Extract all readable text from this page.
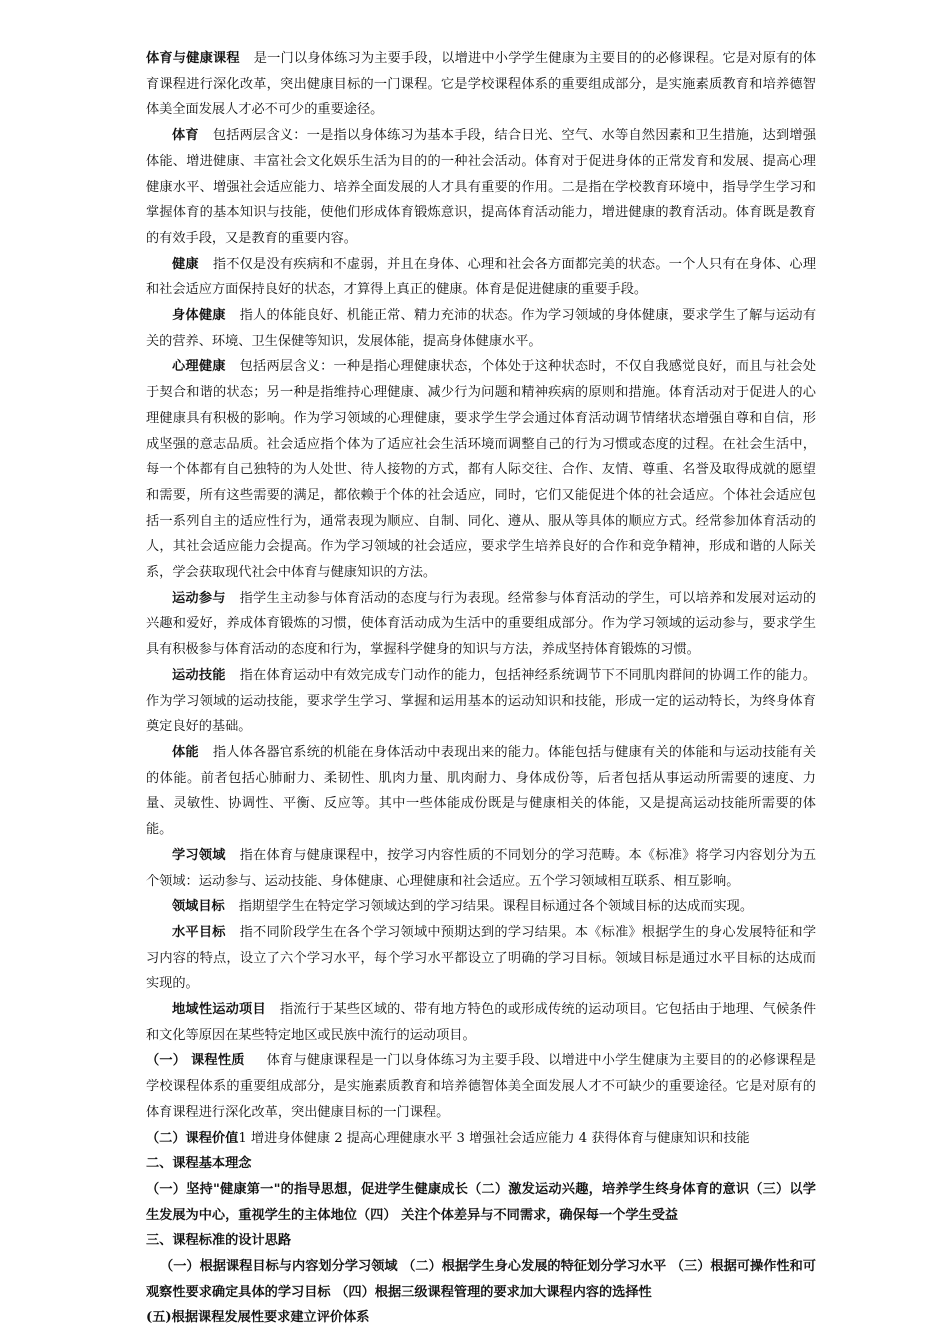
体育与健康课程 是一门以身体练习为主要手段，以增进中小学学生健康为主要目的的必修课程。它是对原有的体育课程进行深化改革，突出健康目标的一门课程。它是学校课程体系的重要组成部分，是实施素质教育和培养德智体美全面发展人才必不可少的重要途径。

体育 包括两层含义：一是指以身体练习为基本手段，结合日光、空气、水等自然因素和卫生措施，达到增强体能、增进健康、丰富社会文化娱乐生活为目的的一种社会活动。体育对于促进身体的正常发育和发展、提高心理健康水平、增强社会适应能力、培养全面发展的人才具有重要的作用。二是指在学校教育环境中，指导学生学习和掌握体育的基本知识与技能，使他们形成体育锻炼意识，提高体育活动能力，增进健康的教育活动。体育既是教育的有效手段，又是教育的重要内容。

健康 指不仅是没有疾病和不虚弱，并且在身体、心理和社会各方面都完美的状态。一个人只有在身体、心理和社会适应方面保持良好的状态，才算得上真正的健康。体育是促进健康的重要手段。

身体健康 指人的体能良好、机能正常、精力充沛的状态。作为学习领域的身体健康，要求学生了解与运动有关的营养、环境、卫生保健等知识，发展体能，提高身体健康水平。

心理健康 包括两层含义：一种是指心理健康状态，个体处于这种状态时，不仅自我感觉良好，而且与社会处于契合和谐的状态；另一种是指维持心理健康、减少行为问题和精神疾病的原则和措施。体育活动对于促进人的心理健康具有积极的影响。作为学习领域的心理健康，要求学生学会通过体育活动调节情绪状态增强自尊和自信，形成坚强的意志品质。社会适应指个体为了适应社会生活环境而调整自己的行为习惯或态度的过程。在社会生活中，每一个体都有自己独特的为人处世、待人接物的方式，都有人际交往、合作、友情、尊重、名誉及取得成就的愿望和需要，所有这些需要的满足，都依赖于个体的社会适应，同时，它们又能促进个体的社会适应。个体社会适应包括一系列自主的适应性行为，通常表现为顺应、自制、同化、遵从、服从等具体的顺应方式。经常参加体育活动的人，其社会适应能力会提高。作为学习领域的社会适应，要求学生培养良好的合作和竞争精神，形成和谐的人际关系，学会获取现代社会中体育与健康知识的方法。

运动参与 指学生主动参与体育活动的态度与行为表现。经常参与体育活动的学生，可以培养和发展对运动的兴趣和爱好，养成体育锻炼的习惯，使体育活动成为生活中的重要组成部分。作为学习领域的运动参与，要求学生具有积极参与体育活动的态度和行为，掌握科学健身的知识与方法，养成坚持体育锻炼的习惯。

运动技能 指在体育运动中有效完成专门动作的能力，包括神经系统调节下不同肌肉群间的协调工作的能力。作为学习领域的运动技能，要求学生学习、掌握和运用基本的运动知识和技能，形成一定的运动特长，为终身体育奠定良好的基础。

体能 指人体各器官系统的机能在身体活动中表现出来的能力。体能包括与健康有关的体能和与运动技能有关的体能。前者包括心肺耐力、柔韧性、肌肉力量、肌肉耐力、身体成份等，后者包括从事运动所需要的速度、力量、灵敏性、协调性、平衡、反应等。其中一些体能成份既是与健康相关的体能，又是提高运动技能所需要的体能。

学习领域 指在体育与健康课程中，按学习内容性质的不同划分的学习范畴。本《标准》将学习内容划分为五个领域：运动参与、运动技能、身体健康、心理健康和社会适应。五个学习领域相互联系、相互影响。

领域目标 指期望学生在特定学习领域达到的学习结果。课程目标通过各个领域目标的达成而实现。

水平目标 指不同阶段学生在各个学习领域中预期达到的学习结果。本《标准》根据学生的身心发展特征和学习内容的特点，设立了六个学习水平，每个学习水平都设立了明确的学习目标。领域目标是通过水平目标的达成而实现的。

地域性运动项目 指流行于某些区域的、带有地方特色的或形成传统的运动项目。它包括由于地理、气候条件和文化等原因在某些特定地区或民族中流行的运动项目。

（一） 课程性质 体育与健康课程是一门以身体练习为主要手段、以增进中小学生健康为主要目的的必修课程是学校课程体系的重要组成部分，是实施素质教育和培养德智体美全面发展人才不可缺少的重要途径。它是对原有的体育课程进行深化改革，突出健康目标的一门课程。

（二）课程价值1 增进身体健康 2 提高心理健康水平 3 增强社会适应能力 4 获得体育与健康知识和技能

二、课程基本理念

（一）坚持"健康第一"的指导思想，促进学生健康成长（二）激发运动兴趣，培养学生终身体育的意识（三）以学生发展为中心，重视学生的主体地位（四） 关注个体差异与不同需求，确保每一个学生受益

三、课程标准的设计思路

（一）根据课程目标与内容划分学习领域 （二）根据学生身心发展的特征划分学习水平 （三）根据可操作性和可观察性要求确定具体的学习目标 （四）根据三级课程管理的要求加大课程内容的选择性

(五)根据课程发展性要求建立评价体系
